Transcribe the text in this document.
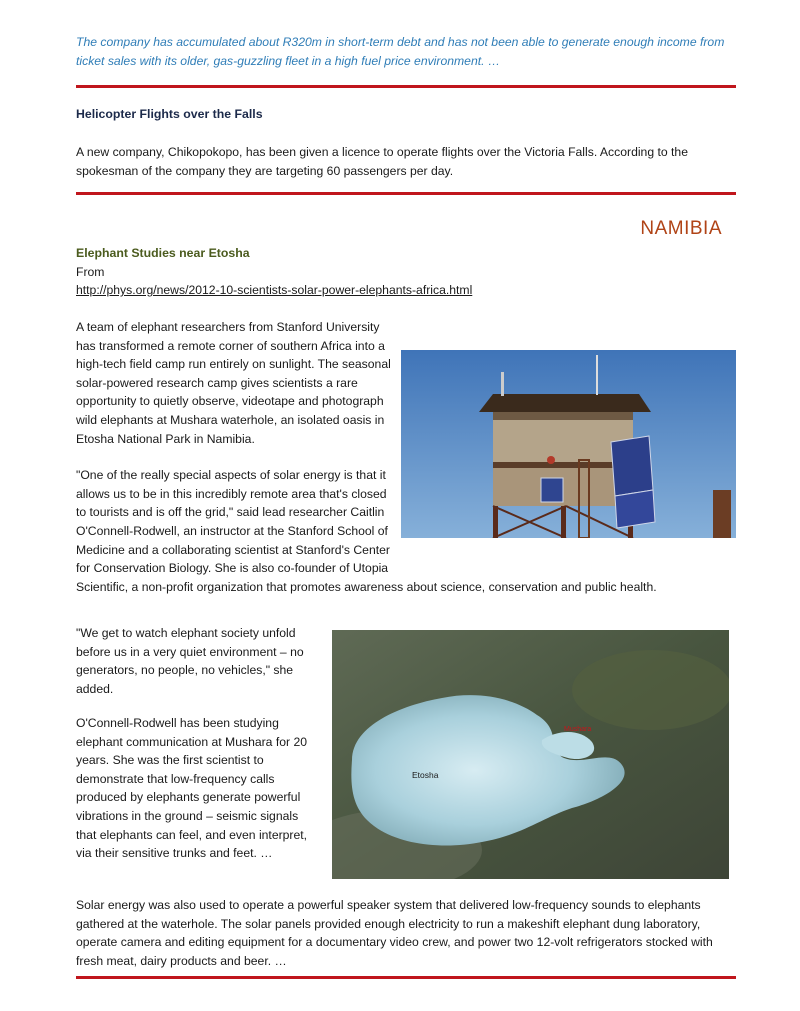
The company has accumulated about R320m in short-term debt and has not been able to generate enough income from ticket sales with its older, gas-guzzling fleet in a high fuel price environment. …

Helicopter Flights over the Falls

A new company, Chikopokopo, has been given a licence to operate flights over the Victoria Falls. According to the spokesman of the company they are targeting 60 passengers per day.

NAMIBIA

Elephant Studies near Etosha

From

http://phys.org/news/2012-10-scientists-solar-power-elephants-africa.html

A team of elephant researchers from Stanford University has transformed a remote corner of southern Africa into a high-tech field camp run entirely on sunlight. The seasonal solar-powered research camp gives scientists a rare opportunity to quietly observe, videotape and photograph wild elephants at Mushara waterhole, an isolated oasis in Etosha National Park in Namibia.

"One of the really special aspects of solar energy is that it allows us to be in this incredibly remote area that's closed to tourists and is off the grid," said lead researcher Caitlin O'Connell-Rodwell, an instructor at the Stanford School of Medicine and a collaborating scientist at Stanford's Center for Conservation Biology. She is also co-founder of Utopia Scientific, a non-profit organization that promotes awareness about science, conservation and public health.

Etosha
Mushara

"We get to watch elephant society unfold before us in a very quiet environment – no generators, no people, no vehicles," she added.

O'Connell-Rodwell has been studying elephant communication at Mushara for 20 years. She was the first scientist to demonstrate that low-frequency calls produced by elephants generate powerful vibrations in the ground – seismic signals that elephants can feel, and even interpret, via their sensitive trunks and feet. …

Solar energy was also used to operate a powerful speaker system that delivered low-frequency sounds to elephants gathered at the waterhole. The solar panels provided enough electricity to run a makeshift elephant dung laboratory, operate camera and editing equipment for a documentary video crew, and power two 12-volt refrigerators stocked with fresh meat, dairy products and beer. …
